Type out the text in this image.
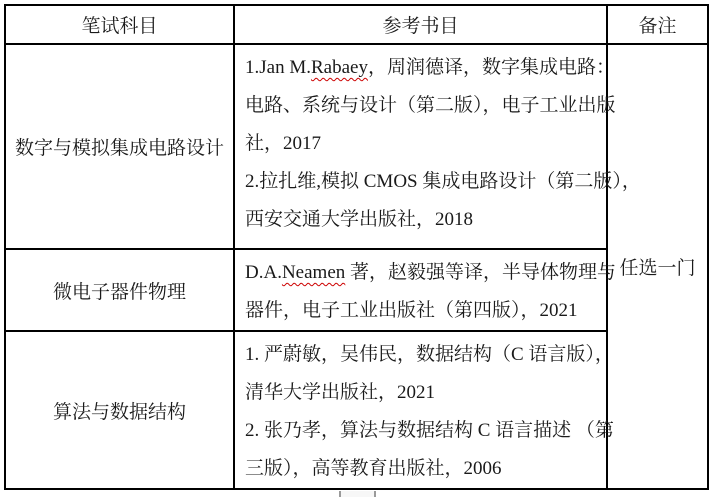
笔试科目	参考书目	备注
数字与模拟集成电路设计	1.Jan M.Rabaey，周润德译，数字集成电路：
电路、系统与设计（第二版），电子工业出版
社，2017
2.拉扎维,模拟 CMOS 集成电路设计（第二版），
西安交通大学出版社，2018	任选一门
微电子器件物理	D.A.Neamen 著，赵毅强等译，半导体物理与
器件，电子工业出版社（第四版），2021	

算法与数据结构	1. 严蔚敏，吴伟民，数据结构（C 语言版），
清华大学出版社，2021
2. 张乃孝，算法与数据结构 C 语言描述 （第
三版），高等教育出版社，2006	
